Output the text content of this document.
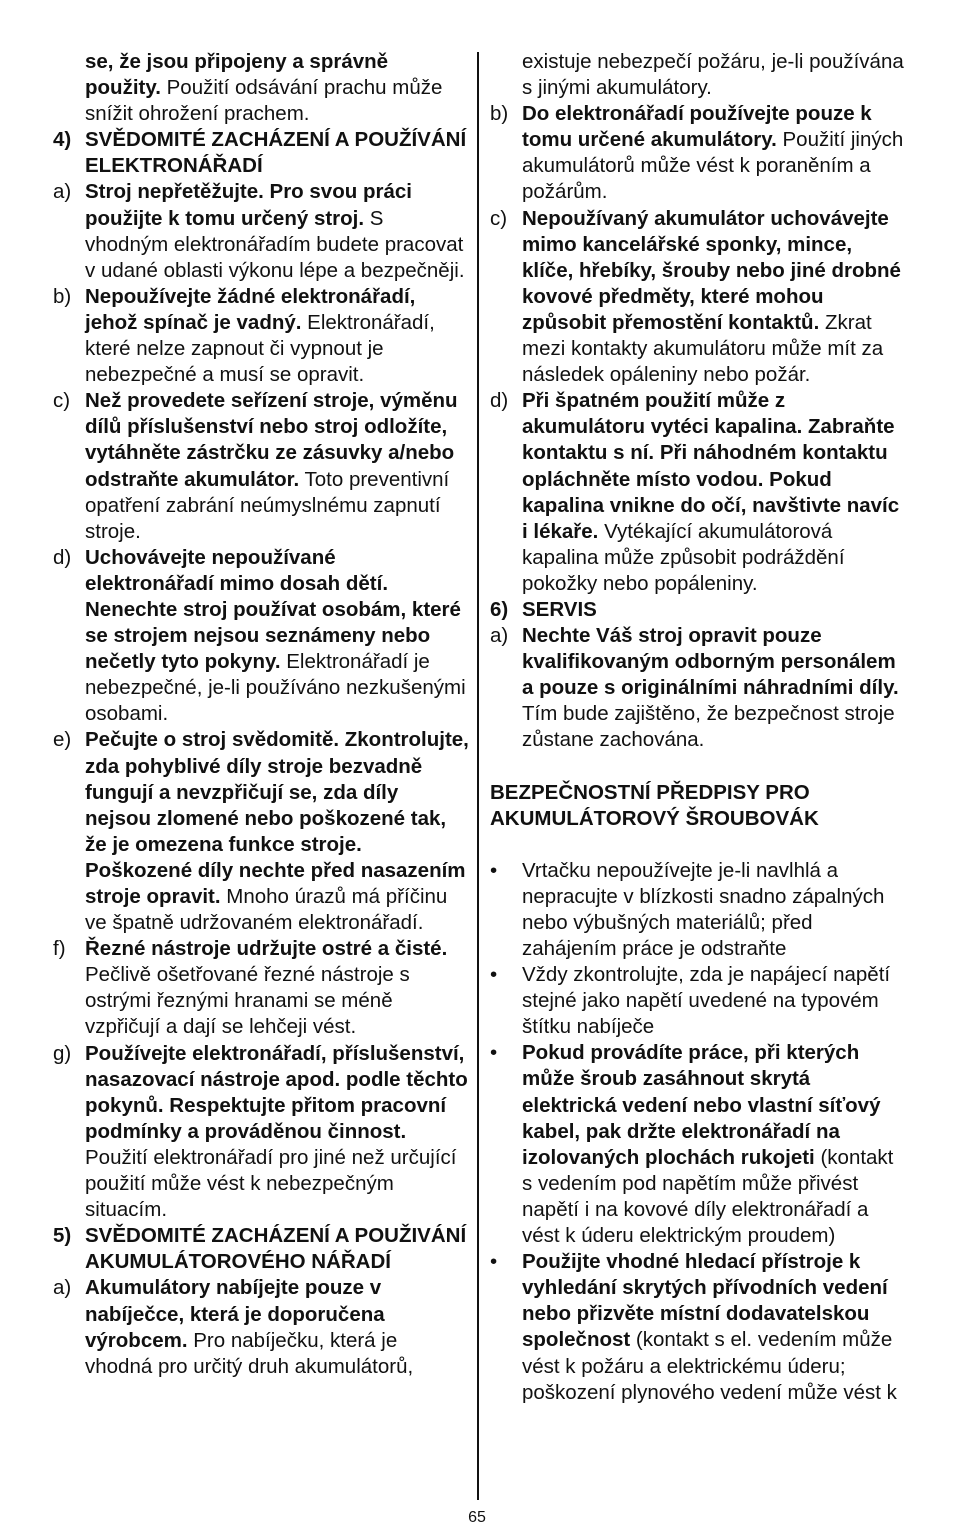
se, že jsou připojeny a správně použity. Použití odsávání prachu může snížit ohrožení prachem.
4) SVĚDOMITÉ ZACHÁZENÍ A POUŽÍVÁNÍ ELEKTRONÁŘADÍ
a) Stroj nepřetěžujte. Pro svou práci použijte k tomu určený stroj. S vhodným elektronářadím budete pracovat v udané oblasti výkonu lépe a bezpečněji.
b) Nepoužívejte žádné elektronářadí, jehož spínač je vadný. Elektronářadí, které nelze zapnout či vypnout je nebezpečné a musí se opravit.
c) Než provedete seřízení stroje, výměnu dílů příslušenství nebo stroj odložíte, vytáhněte zástrčku ze zásuvky a/nebo odstraňte akumulátor. Toto preventivní opatření zabrání neúmyslnému zapnutí stroje.
d) Uchovávejte nepoužívané elektronářadí mimo dosah dětí. Nenechte stroj používat osobám, které se strojem nejsou seznámeny nebo nečetly tyto pokyny. Elektronářadí je nebezpečné, je-li používáno nezkušenými osobami.
e) Pečujte o stroj svědomitě. Zkontrolujte, zda pohyblivé díly stroje bezvadně fungují a nevzpřičují se, zda díly nejsou zlomené nebo poškozené tak, že je omezena funkce stroje. Poškozené díly nechte před nasazením stroje opravit. Mnoho úrazů má příčinu ve špatně udržovaném elektronářadí.
f) Řezné nástroje udržujte ostré a čisté. Pečlivě ošetřované řezné nástroje s ostrými řeznými hranami se méně vzpřičují a dají se lehčeji vést.
g) Používejte elektronářadí, příslušenství, nasazovací nástroje apod. podle těchto pokynů. Respektujte přitom pracovní podmínky a prováděnou činnost. Použití elektronářadí pro jiné než určující použití může vést k nebezpečným situacím.
5) SVĚDOMITÉ ZACHÁZENÍ A POUŽIVÁNÍ AKUMULÁTOROVÉHO NÁŘADÍ
a) Akumulátory nabíjejte pouze v nabíječce, která je doporučena výrobcem. Pro nabíječku, která je vhodná pro určitý druh akumulátorů,
existuje nebezpečí požáru, je-li používána s jinými akumulátory.
b) Do elektronářadí používejte pouze k tomu určené akumulátory. Použití jiných akumulátorů může vést k poraněním a požárům.
c) Nepoužívaný akumulátor uchovávejte mimo kancelářské sponky, mince, klíče, hřebíky, šrouby nebo jiné drobné kovové předměty, které mohou způsobit přemostění kontaktů. Zkrat mezi kontakty akumulátoru může mít za následek opáleniny nebo požár.
d) Při špatném použití může z akumulátoru vytéci kapalina. Zabraňte kontaktu s ní. Při náhodném kontaktu opláchněte místo vodou. Pokud kapalina vnikne do očí, navštivte navíc i lékaře. Vytékající akumulátorová kapalina může způsobit podráždění pokožky nebo popáleniny.
6) SERVIS
a) Nechte Váš stroj opravit pouze kvalifikovaným odborným personálem a pouze s originálními náhradními díly. Tím bude zajištěno, že bezpečnost stroje zůstane zachována.
BEZPEČNOSTNÍ PŘEDPISY PRO AKUMULÁTOROVÝ ŠROUBOVÁK
•	Vrtačku nepoužívejte je-li navlhlá a nepracujte v blízkosti snadno zápalných nebo výbušných materiálů; před zahájením práce je odstraňte
•	Vždy zkontrolujte, zda je napájecí napětí stejné jako napětí uvedené na typovém štítku nabíječe
•	Pokud provádíte práce, při kterých může šroub zasáhnout skrytá elektrická vedení nebo vlastní síťový kabel, pak držte elektronářadí na izolovaných plochách rukojeti (kontakt s vedením pod napětím může přivést napětí i na kovové díly elektronářadí a vést k úderu elektrickým proudem)
•	Použijte vhodné hledací přístroje k vyhledání skrytých přívodních vedení nebo přizvěte místní dodavatelskou společnost (kontakt s el. vedením může vést k požáru a elektrickému úderu; poškození plynového vedení může vést k
65
